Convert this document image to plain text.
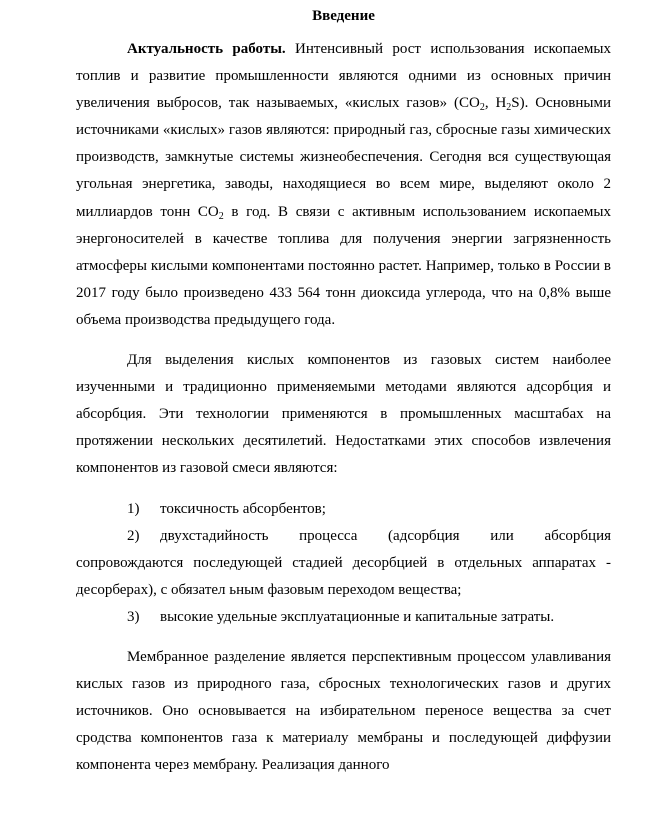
Введение

Актуальность работы. Интенсивный рост использования ископаемых топлив и развитие промышленности являются одними из основных причин увеличения выбросов, так называемых, «кислых газов» ($CO_2$, $H_2S$). Основными источниками «кислых» газов являются: природный газ, сбросные газы химических производств, замкнутые системы жизнеобеспечения. Сегодня вся существующая угольная энергетика, заводы, находящиеся во всем мире, выделяют около 2 миллиардов тонн $CO_2$ в год. В связи с активным использованием ископаемых энергоносителей в качестве топлива для получения энергии загрязненность атмосферы кислыми компонентами постоянно растет. Например, только в России в 2017 году было произведено 433 564 тонн диоксида углерода, что на 0,8% выше объема производства предыдущего года.

Для выделения кислых компонентов из газовых систем наиболее изученными и традиционно применяемыми методами являются адсорбция и абсорбция. Эти технологии применяются в промышленных масштабах на протяжении нескольких десятилетий. Недостатками этих способов извлечения компонентов из газовой смеси являются:

1) токсичность абсорбентов;
2) двухстадийность процесса (адсорбция или абсорбция сопровождаются последующей стадией десорбцией в отдельных аппаратах - десорберах), с обязател ьным фазовым переходом вещества;
3) высокие удельные эксплуатационные и капитальные затраты.

Мембранное разделение является перспективным процессом улавливания кислых газов из природного газа, сбросных технологических газов и других источников. Оно основывается на избирательном переносе вещества за счет сродства компонентов газа к материалу мембраны и последующей диффузии компонента через мембрану. Реализация данного
